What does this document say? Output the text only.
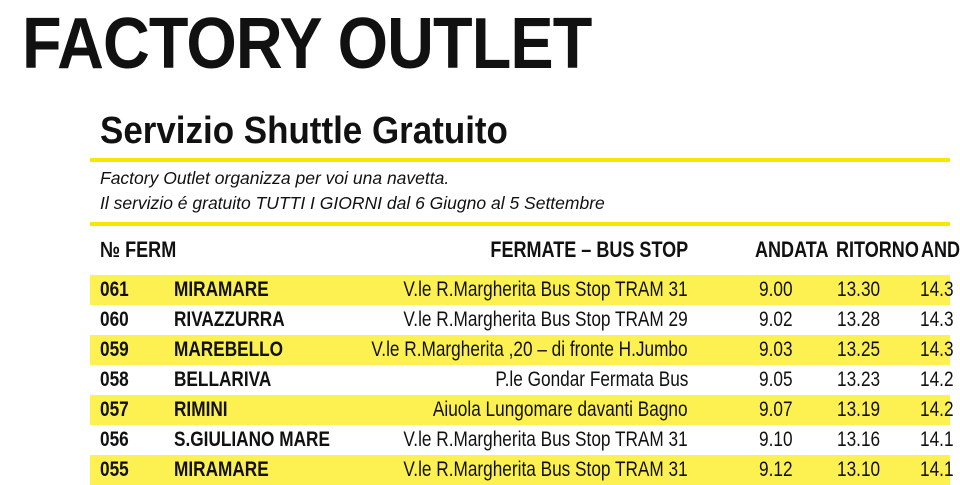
FACTORY OUTLET
Servizio Shuttle Gratuito

Factory Outlet organizza per voi una navetta.
Il servizio é gratuito TUTTI I GIORNI dal 6 Giugno al 5 Settembre

№ FERM	FERMATE – BUS STOP	ANDATA RITORNO AND
061 MIRAMARE	V.le R.Margherita Bus Stop TRAM 31	9.00 13.30 14.3
060 RIVAZZURRA	V.le R.Margherita Bus Stop TRAM 29	9.02 13.28 14.3
059 MAREBELLO	V.le R.Margherita ,20 – di fronte H.Jumbo	9.03 13.25 14.3
058 BELLARIVA	P.le Gondar Fermata Bus	9.05 13.23 14.2
057 RIMINI	Aiuola Lungomare davanti Bagno	9.07 13.19 14.2
056 S.GIULIANO MARE	V.le R.Margherita Bus Stop TRAM 31	9.10 13.16 14.1
055 MIRAMARE	V.le R.Margherita Bus Stop TRAM 31	9.12 13.10 14.1
